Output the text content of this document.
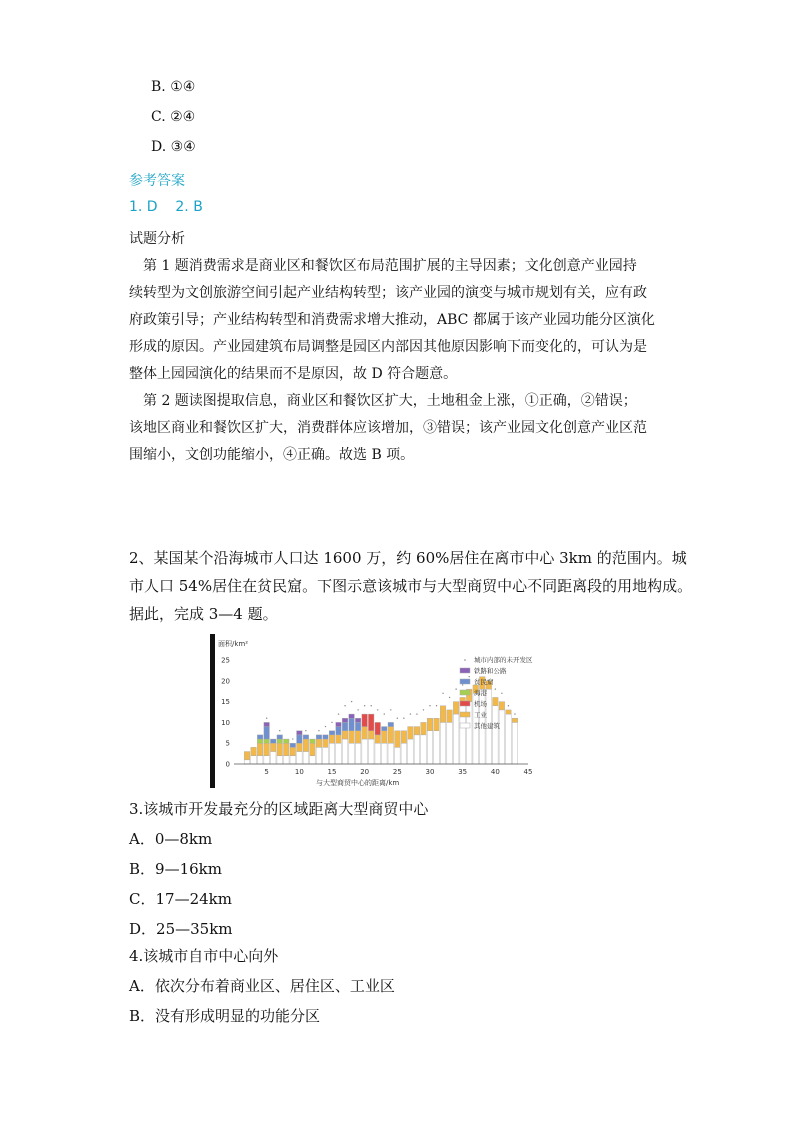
B. ①④
C. ②④
D. ③④
参考答案
1. D    2. B
试题分析
　第 1 题消费需求是商业区和餐饮区布局范围扩展的主导因素；文化创意产业园持
续转型为文创旅游空间引起产业结构转型；该产业园的演变与城市规划有关，应有政
府政策引导；产业结构转型和消费需求增大推动，ABC 都属于该产业园功能分区演化
形成的原因。产业园建筑布局调整是园区内部因其他原因影响下而变化的，可认为是
整体上园园演化的结果而不是原因，故 D 符合题意。
　第 2 题读图提取信息，商业区和餐饮区扩大，土地租金上涨，①正确，②错误；
该地区商业和餐饮区扩大，消费群体应该增加，③错误；该产业园文化创意产业区范
围缩小，文创功能缩小，④正确。故选 B 项。
2、某国某个沿海城市人口达 1600 万，约 60%居住在离市中心 3km 的范围内。城
市人口 54%居住在贫民窟。下图示意该城市与大型商贸中心不同距离段的用地构成。
据此，完成 3—4 题。
0
5
10
15
20
25
5	10	15	20	25	30	35	40	45
面积/km²
与大型商贸中心的距离/km
城市内部的未开发区
铁路和公路
贫民窟
海港
机场
工业
其他建筑
3.该城市开发最充分的区域距离大型商贸中心
A．0—8km
B．9—16km
C．17—24km
D．25—35km
4.该城市自市中心向外
A．依次分布着商业区、居住区、工业区
B．没有形成明显的功能分区
